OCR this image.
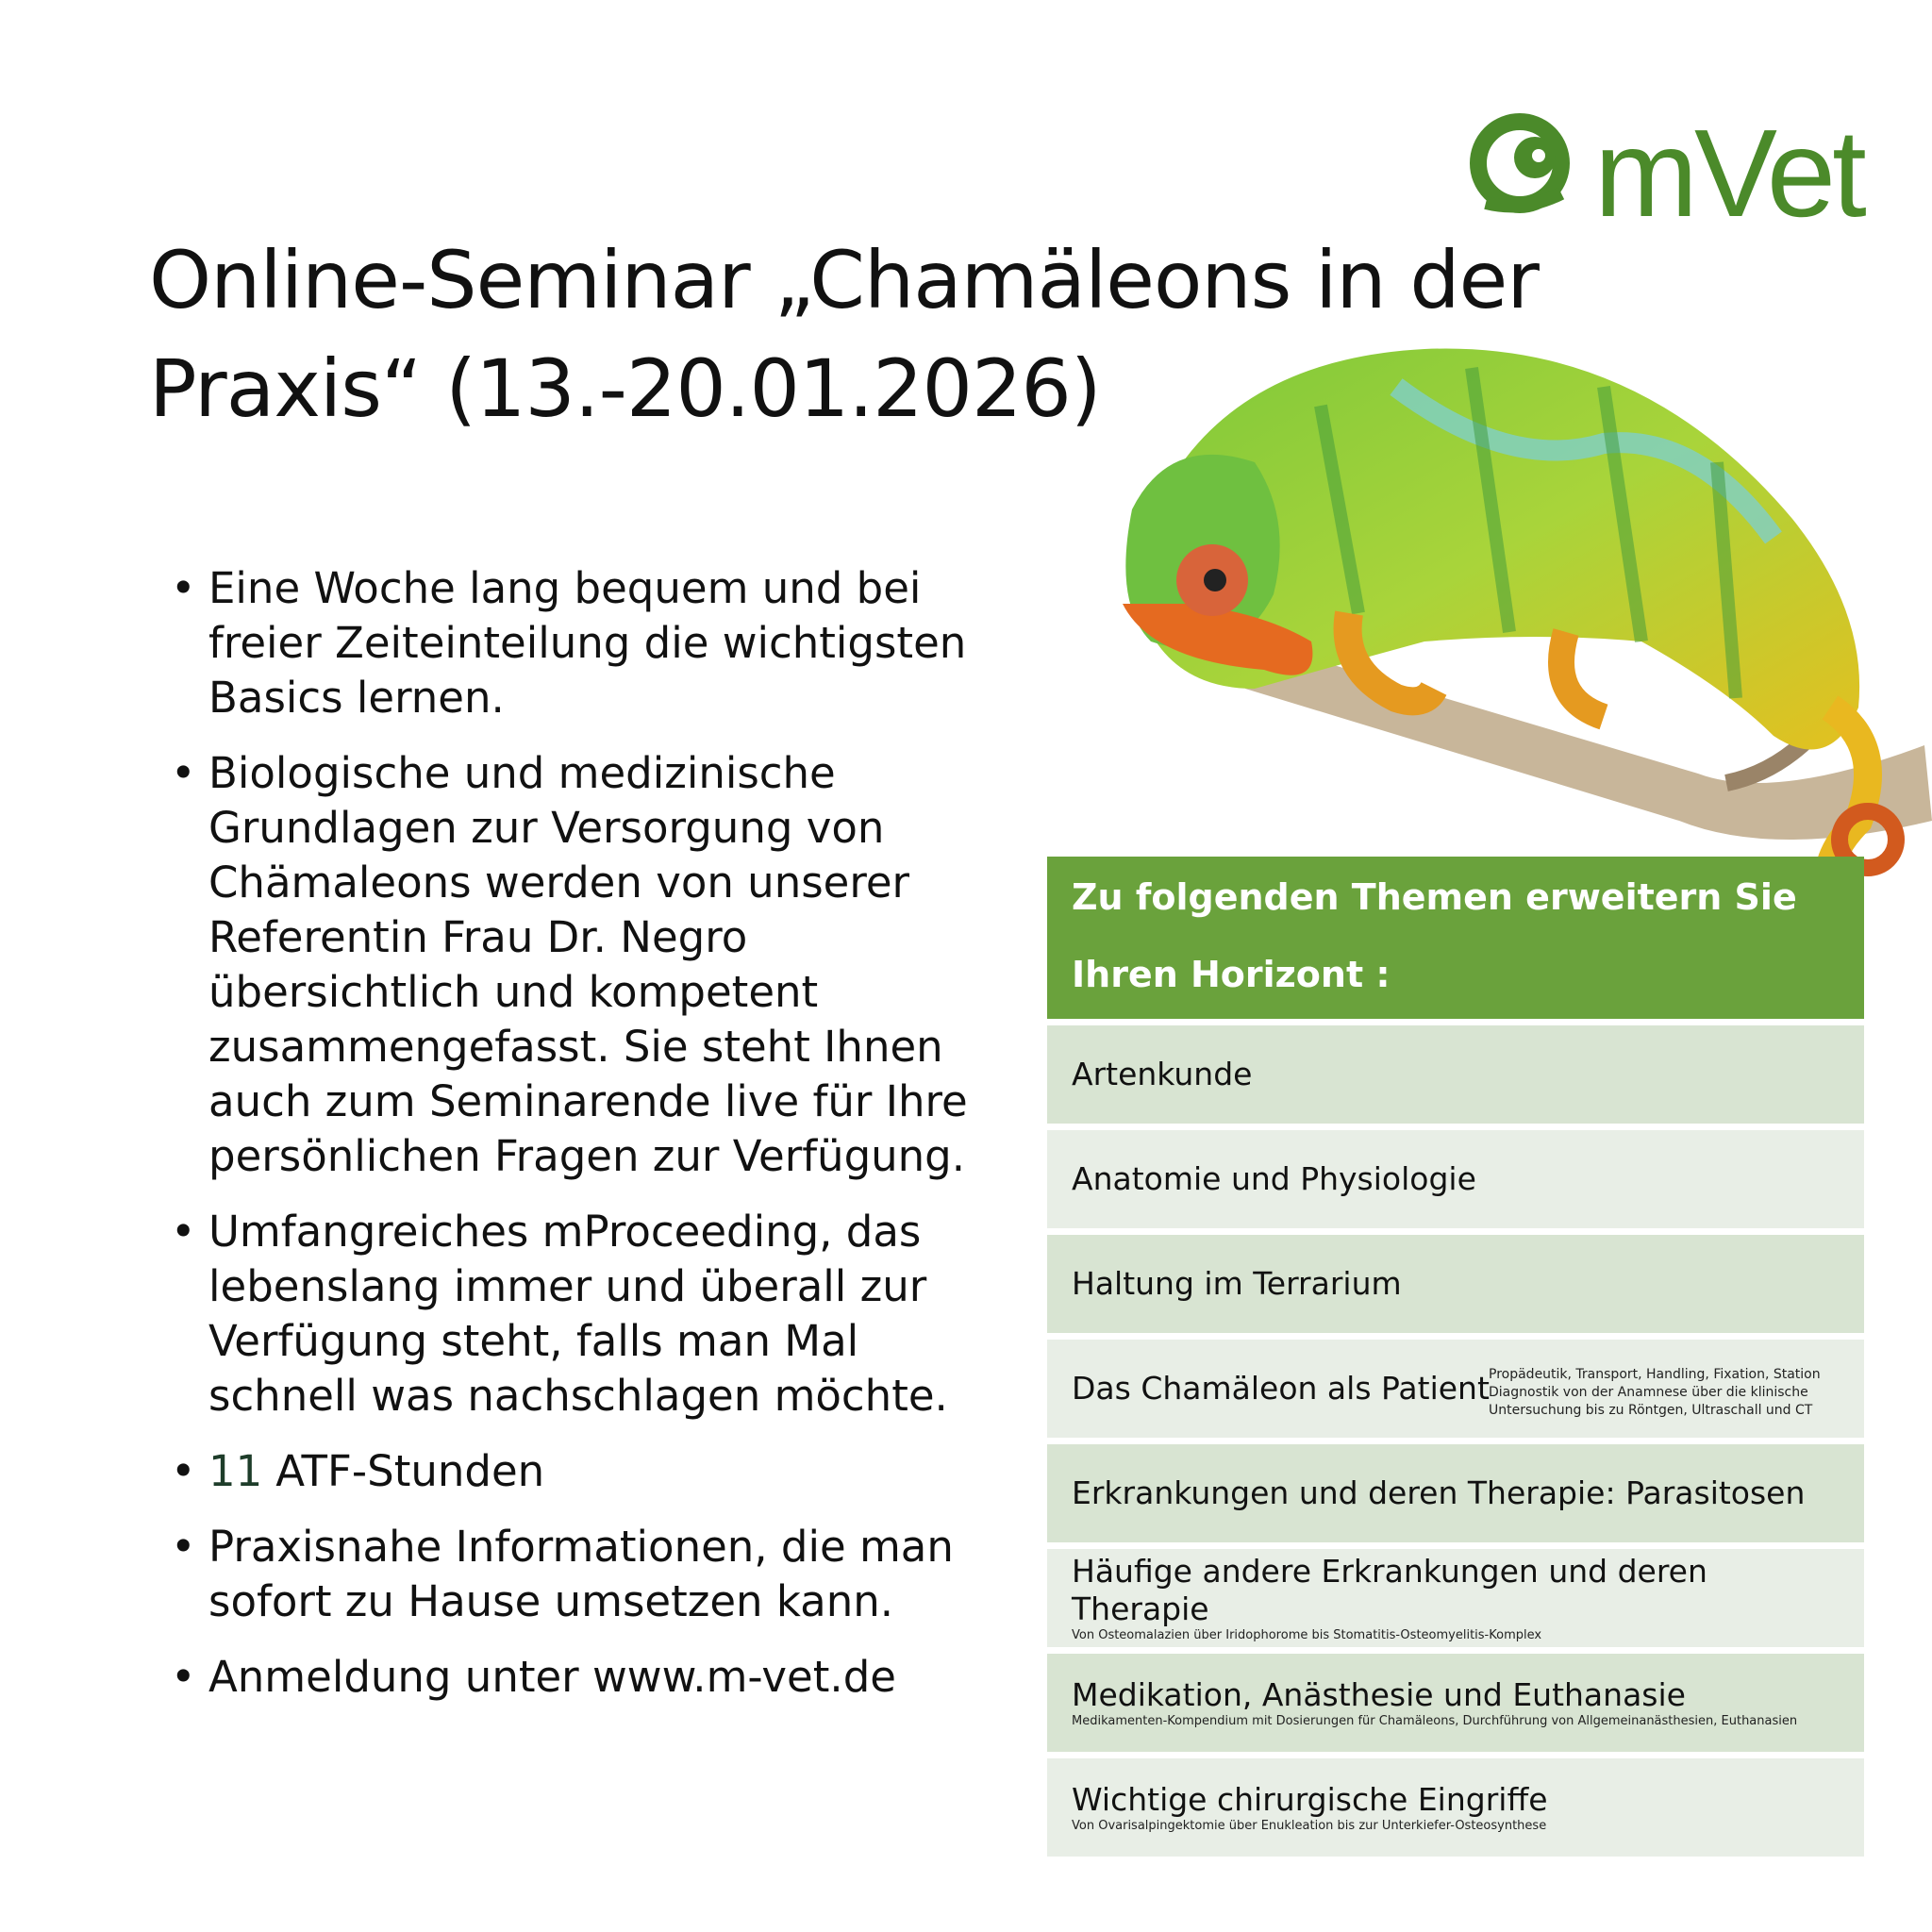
mVet
Online-Seminar „Chamäleons in der Praxis“ (13.-20.01.2026)
• Eine Woche lang bequem und bei freier Zeiteinteilung die wichtigsten Basics lernen.
• Biologische und medizinische Grundlagen zur Versorgung von Chämaleons werden von unserer Referentin Frau Dr. Negro übersichtlich und kompetent zusammengefasst. Sie steht Ihnen auch zum Seminarende live für Ihre persönlichen Fragen zur Verfügung.
• Umfangreiches mProceeding, das lebenslang immer und überall zur Verfügung steht, falls man Mal schnell was nachschlagen möchte.
• 11 ATF-Stunden
• Praxisnahe Informationen, die man sofort zu Hause umsetzen kann.
• Anmeldung unter www.m-vet.de
Zu folgenden Themen erweitern Sie Ihren Horizont :
Artenkunde
Anatomie und Physiologie
Haltung im Terrarium
Das Chamäleon als Patient Propädeutik, Transport, Handling, Fixation, Station Diagnostik von der Anamnese über die klinische Untersuchung bis zu Röntgen, Ultraschall und CT
Erkrankungen und deren Therapie: Parasitosen
Häufige andere Erkrankungen und deren Therapie
Von Osteomalazien über Iridophorome bis Stomatitis-Osteomyelitis-Komplex
Medikation, Anästhesie und Euthanasie
Medikamenten-Kompendium mit Dosierungen für Chamäleons, Durchführung von Allgemeinanästhesien, Euthanasien
Wichtige chirurgische Eingriffe
Von Ovarisalpingektomie über Enukleation bis zur Unterkiefer-Osteosynthese
